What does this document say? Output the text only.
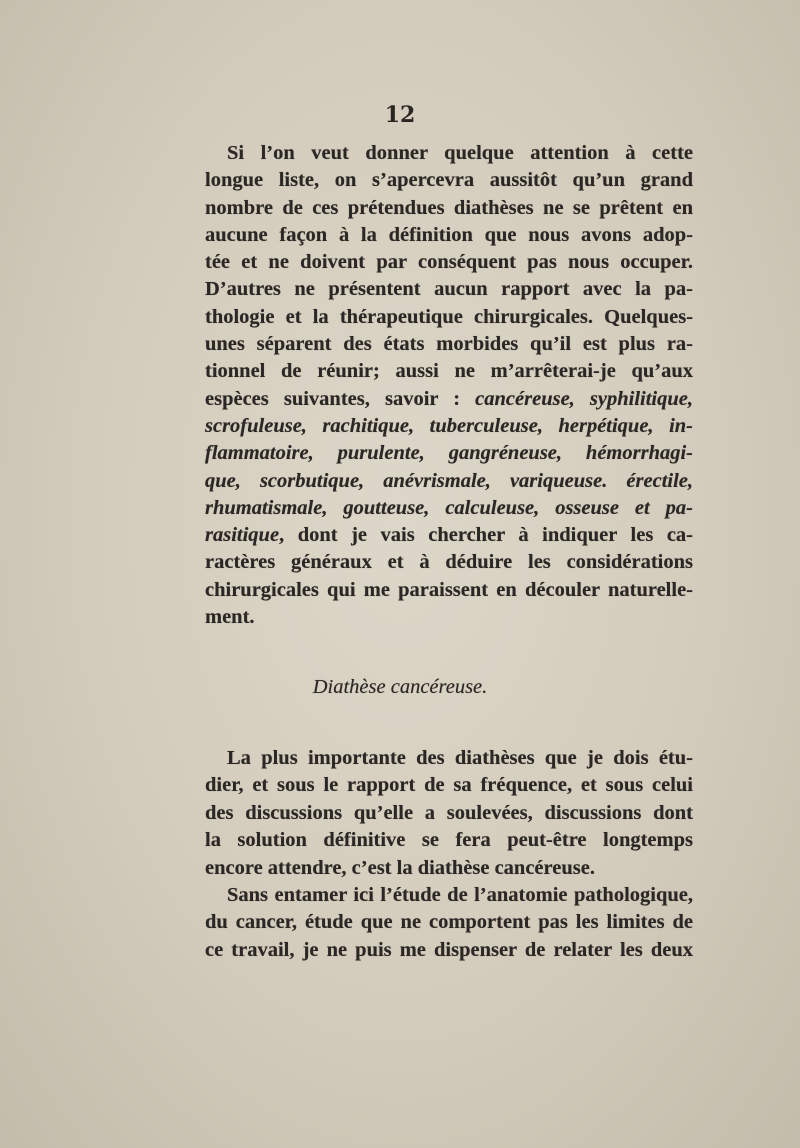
12
Si l’on veut donner quelque attention à cette
longue liste, on s’apercevra aussitôt qu’un grand
nombre de ces prétendues diathèses ne se prêtent en
aucune façon à la définition que nous avons adop-
tée et ne doivent par conséquent pas nous occuper.
D’autres ne présentent aucun rapport avec la pa-
thologie et la thérapeutique chirurgicales. Quelques-
unes séparent des états morbides qu’il est plus ra-
tionnel de réunir; aussi ne m’arrêterai-je qu’aux
espèces suivantes, savoir : cancéreuse, syphilitique,
scrofuleuse, rachitique, tuberculeuse, herpétique, in-
flammatoire, purulente, gangréneuse, hémorrhagi-
que, scorbutique, anévrismale, variqueuse. érectile,
rhumatismale, goutteuse, calculeuse, osseuse et pa-
rasitique, dont je vais chercher à indiquer les ca-
ractères généraux et à déduire les considérations
chirurgicales qui me paraissent en découler naturelle-
ment.
Diathèse cancéreuse.
La plus importante des diathèses que je dois étu-
dier, et sous le rapport de sa fréquence, et sous celui
des discussions qu’elle a soulevées, discussions dont
la solution définitive se fera peut-être longtemps
encore attendre, c’est la diathèse cancéreuse.
Sans entamer ici l’étude de l’anatomie pathologique,
du cancer, étude que ne comportent pas les limites de
ce travail, je ne puis me dispenser de relater les deux
